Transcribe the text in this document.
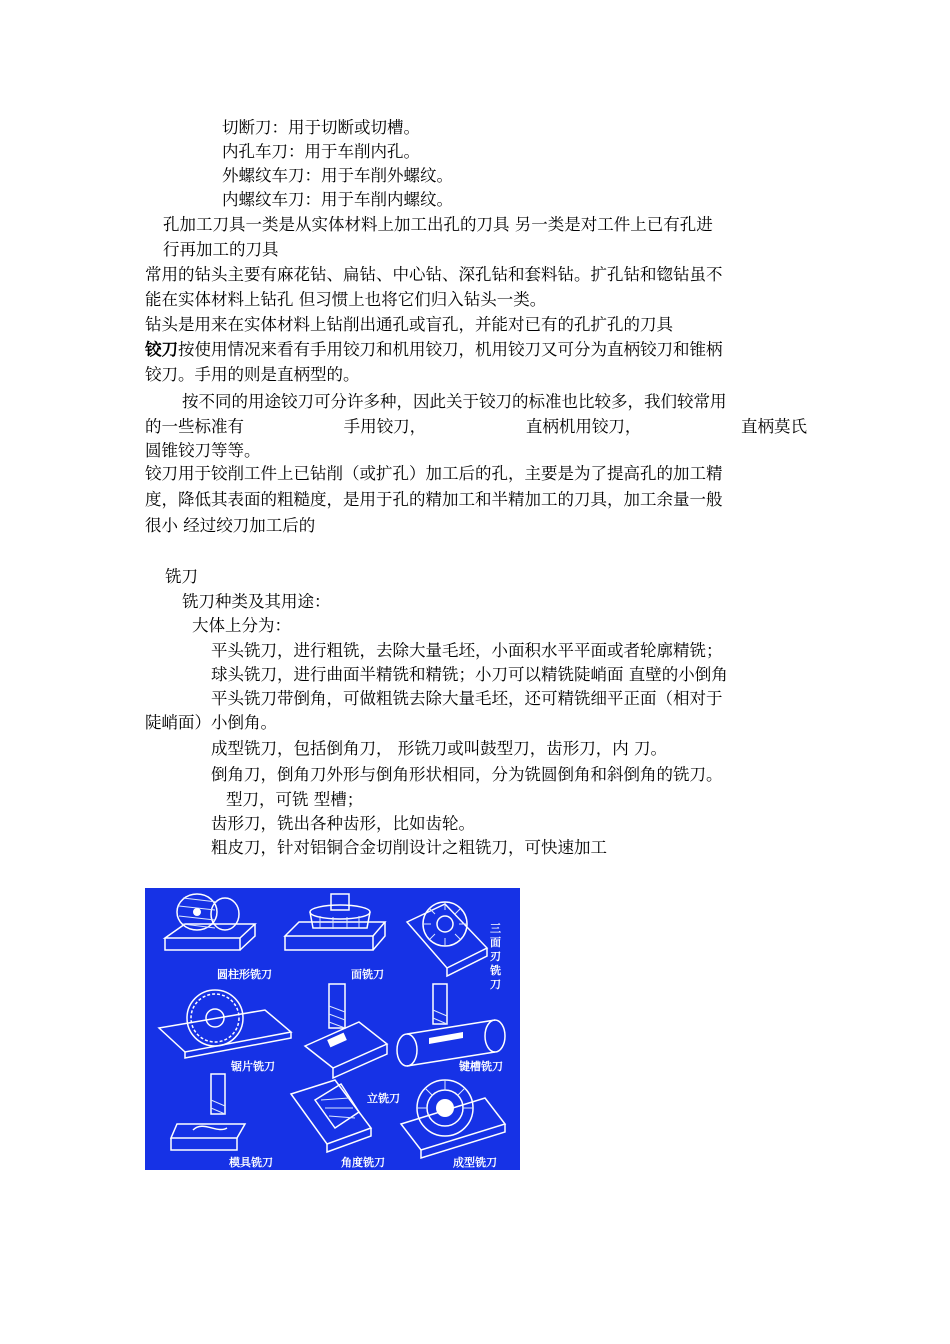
切断刀：用于切断或切槽。
内孔车刀：用于车削内孔。
外螺纹车刀：用于车削外螺纹。
内螺纹车刀：用于车削内螺纹。
孔加工刀具一类是从实体材料上加工出孔的刀具 另一类是对工件上已有孔进
行再加工的刀具
常用的钻头主要有麻花钻、扁钻、中心钻、深孔钻和套料钻。扩孔钻和锪钻虽不
能在实体材料上钻孔 但习惯上也将它们归入钻头一类。
钻头是用来在实体材料上钻削出通孔或盲孔，并能对已有的孔扩孔的刀具
铰刀按使用情况来看有手用铰刀和机用铰刀，机用铰刀又可分为直柄铰刀和锥柄
铰刀。手用的则是直柄型的。
按不同的用途铰刀可分许多种，因此关于铰刀的标准也比较多，我们较常用
的一些标准有	手用铰刀，	直柄机用铰刀，	直柄莫氏
圆锥铰刀等等。
铰刀用于铰削工件上已钻削（或扩孔）加工后的孔，主要是为了提高孔的加工精
度，降低其表面的粗糙度，是用于孔的精加工和半精加工的刀具，加工余量一般
很小 经过绞刀加工后的
铣刀
铣刀种类及其用途：
大体上分为：
平头铣刀，进行粗铣，去除大量毛坯，小面积水平平面或者轮廓精铣；
球头铣刀，进行曲面半精铣和精铣；小刀可以精铣陡峭面 直壁的小倒角
平头铣刀带倒角，可做粗铣去除大量毛坯，还可精铣细平正面（相对于
陡峭面）小倒角。
成型铣刀，包括倒角刀， 形铣刀或叫鼓型刀，齿形刀，内 刀。
倒角刀，倒角刀外形与倒角形状相同，分为铣圆倒角和斜倒角的铣刀。
型刀，可铣 型槽；
齿形刀，铣出各种齿形，比如齿轮。
粗皮刀，针对铝铜合金切削设计之粗铣刀，可快速加工
圆柱形铣刀	面铣刀
三
面
刃
铣
刀
锯片铣刀
立铣刀
键槽铣刀
模具铣刀	角度铣刀	成型铣刀
